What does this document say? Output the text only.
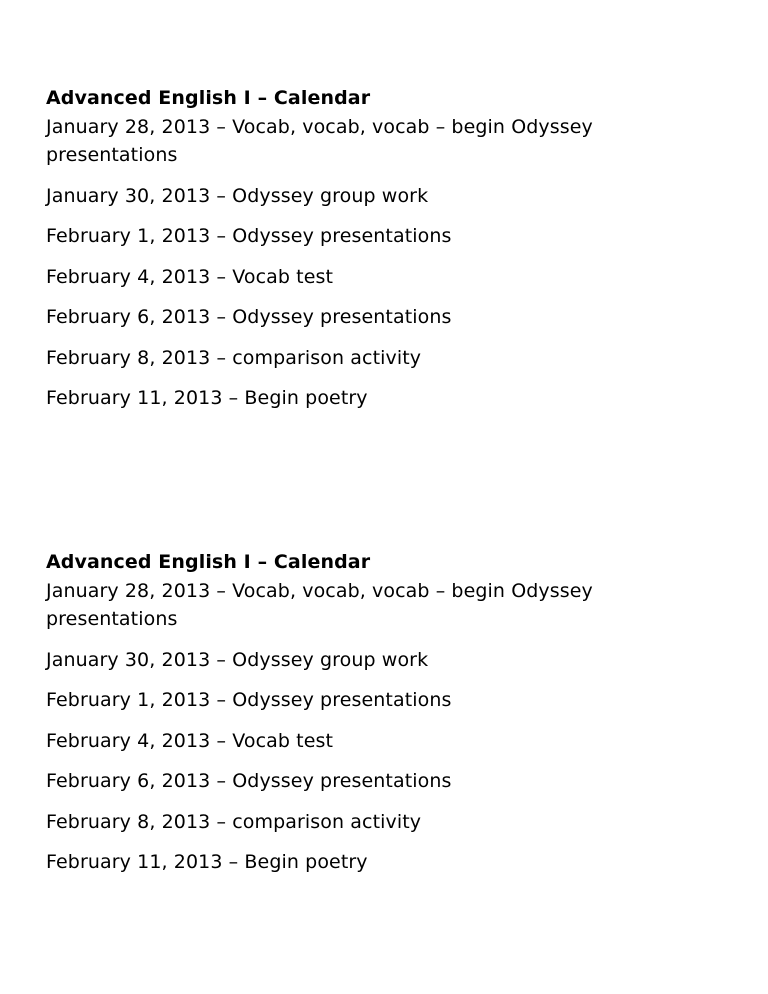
Advanced English I – Calendar
January 28, 2013 – Vocab, vocab, vocab – begin Odyssey presentations
January 30, 2013 – Odyssey group work
February 1, 2013 – Odyssey presentations
February 4, 2013 – Vocab test
February 6, 2013 – Odyssey presentations
February 8, 2013 – comparison activity
February 11, 2013 – Begin poetry
Advanced English I – Calendar
January 28, 2013 – Vocab, vocab, vocab – begin Odyssey presentations
January 30, 2013 – Odyssey group work
February 1, 2013 – Odyssey presentations
February 4, 2013 – Vocab test
February 6, 2013 – Odyssey presentations
February 8, 2013 – comparison activity
February 11, 2013 – Begin poetry
